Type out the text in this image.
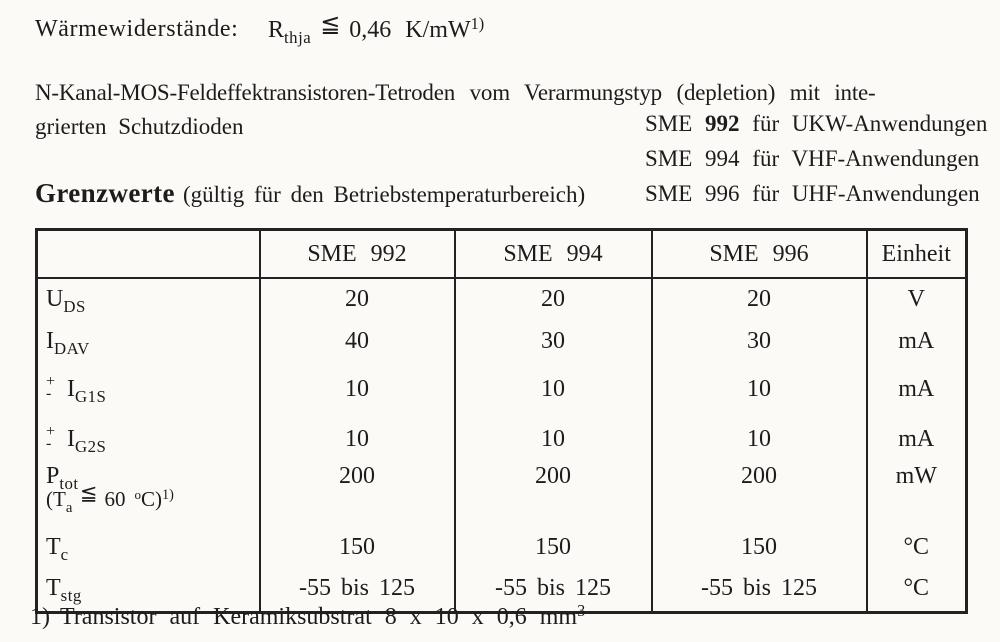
Wärmewiderstände: $R_{thja}≦$ 0,46 $K/mW^{1)}$
N-Kanal-MOS-Feldeffektransistoren-Tetroden vom Verarmungstyp (depletion) mit inte-
grierten Schutzdioden	SME 992 für UKW-Anwendungen
SME 994 für VHF-Anwendungen
SME 996 für UHF-Anwendungen
Grenzwerte (gültig für den Betriebstemperaturbereich)
	SME 992	SME 994	SME 996	Einheit
$U_{DS}$	20	20	20	V
$I_{DAV}$	40	30	30	mA

+
- $I_{G1S}$	10	10	10	mA

+
- $I_{G2S}$	10	10	10	mA

$P_{tot}$
($T_a≦$ 60 $^o$C)$^{1)}$	200	200	200	mW
$T_c$	150	150	150	°C
$T_{stg}$	-55 bis 125	-55 bis 125	-55 bis 125	°C
1) Transistor auf Keramiksubstrat 8 x 10 x 0,6 $mm^3$
